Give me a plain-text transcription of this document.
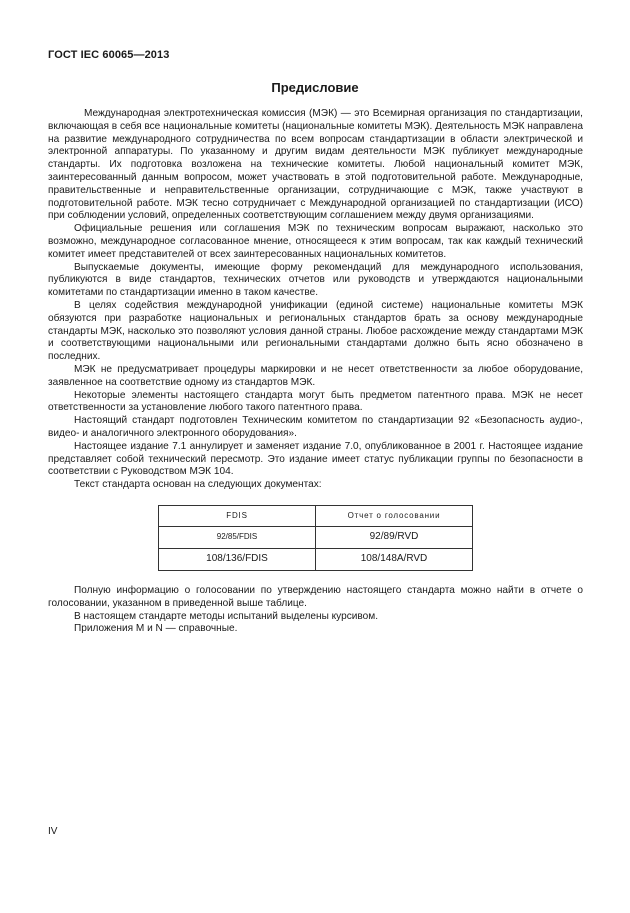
ГОСТ IEC 60065—2013
Предисловие

Международная электротехническая комиссия (МЭК) — это Всемирная организация по стандартизации, включающая в себя все национальные комитеты (национальные комитеты МЭК). Деятельность МЭК направлена на развитие международного сотрудничества по всем вопросам стандартизации в области электрической и электронной аппаратуры. По указанному и другим видам деятельности МЭК публикует международные стандарты. Их подготовка возложена на технические комитеты. Любой национальный комитет МЭК, заинтересованный данным вопросом, может участвовать в этой подготовительной работе. Международные, правительственные и неправительственные организации, сотрудничающие с МЭК, также участвуют в подготовительной работе. МЭК тесно сотрудничает с Международной организацией по стандартизации (ИСО) при соблюдении условий, определенных соответствующим соглашением между двумя организациями.

Официальные решения или соглашения МЭК по техническим вопросам выражают, насколько это возможно, международное согласованное мнение, относящееся к этим вопросам, так как каждый технический комитет имеет представителей от всех заинтересованных национальных комитетов.

Выпускаемые документы, имеющие форму рекомендаций для международного использования, публикуются в виде стандартов, технических отчетов или руководств и утверждаются национальными комитетами по стандартизации именно в таком качестве.

В целях содействия международной унификации (единой системе) национальные комитеты МЭК обязуются при разработке национальных и региональных стандартов брать за основу международные стандарты МЭК, насколько это позволяют условия данной страны. Любое расхождение между стандартами МЭК и соответствующими национальными или региональными стандартами должно быть ясно обозначено в последних.

МЭК не предусматривает процедуры маркировки и не несет ответственности за любое оборудование, заявленное на соответствие одному из стандартов МЭК.

Некоторые элементы настоящего стандарта могут быть предметом патентного права. МЭК не несет ответственности за установление любого такого патентного права.

Настоящий стандарт подготовлен Техническим комитетом по стандартизации 92 «Безопасность аудио-, видео- и аналогичного электронного оборудования».

Настоящее издание 7.1 аннулирует и заменяет издание 7.0, опубликованное в 2001 г. Настоящее издание представляет собой технический пересмотр. Это издание имеет статус публикации группы по безопасности в соответствии с Руководством МЭК 104.

Текст стандарта основан на следующих документах:

FDIS	Отчет о голосовании
92/85/FDIS	92/89/RVD
108/136/FDIS	108/148A/RVD

Полную информацию о голосовании по утверждению настоящего стандарта можно найти в отчете о голосовании, указанном в приведенной выше таблице.

В настоящем стандарте методы испытаний выделены курсивом.

Приложения M и N — справочные.

IV
